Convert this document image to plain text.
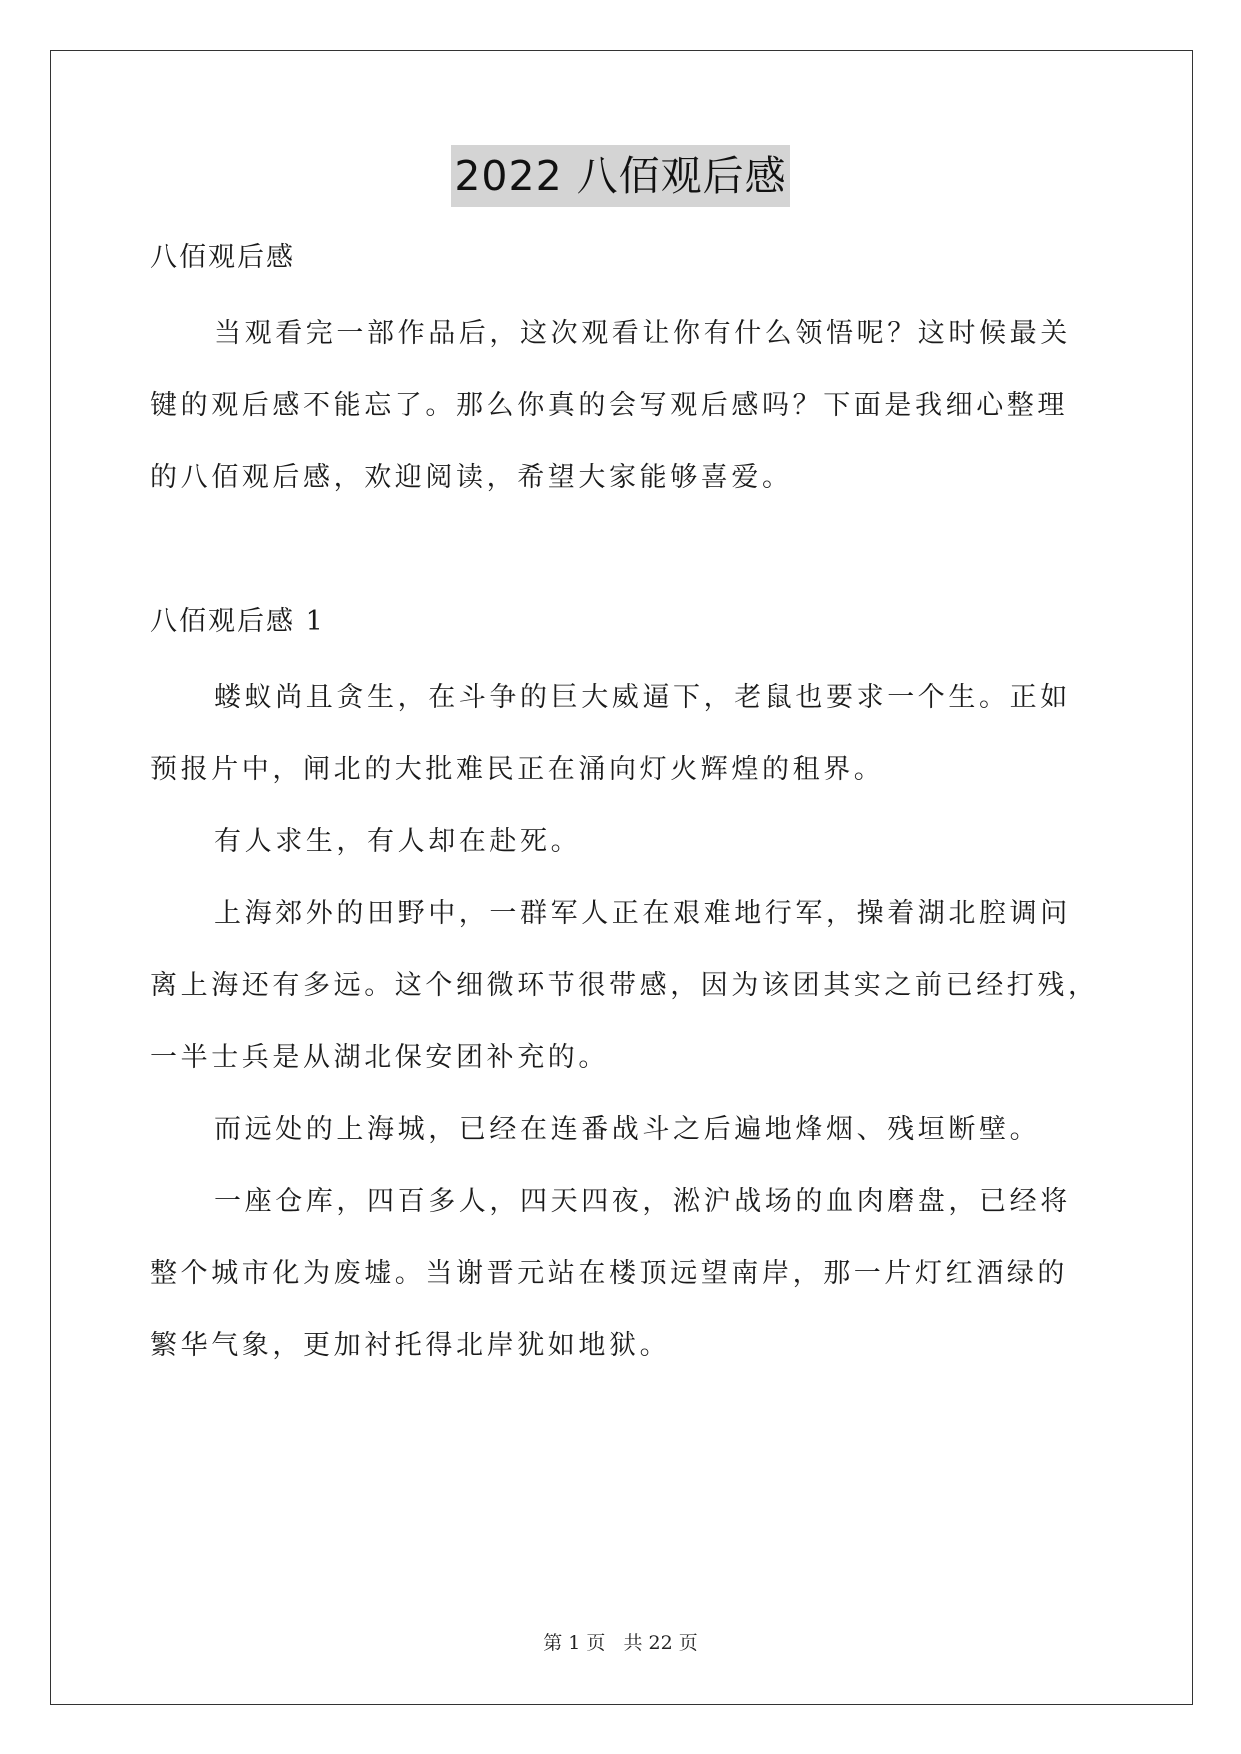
2022 八佰观后感
八佰观后感
当观看完一部作品后，这次观看让你有什么领悟呢？这时候最关
键的观后感不能忘了。那么你真的会写观后感吗？下面是我细心整理
的八佰观后感，欢迎阅读，希望大家能够喜爱。
八佰观后感 1
蝼蚁尚且贪生，在斗争的巨大威逼下，老鼠也要求一个生。正如
预报片中，闸北的大批难民正在涌向灯火辉煌的租界。
有人求生，有人却在赴死。
上海郊外的田野中，一群军人正在艰难地行军，操着湖北腔调问
离上海还有多远。这个细微环节很带感，因为该团其实之前已经打残，
一半士兵是从湖北保安团补充的。
而远处的上海城，已经在连番战斗之后遍地烽烟、残垣断壁。
一座仓库，四百多人，四天四夜，淞沪战场的血肉磨盘，已经将
整个城市化为废墟。当谢晋元站在楼顶远望南岸，那一片灯红酒绿的
繁华气象，更加衬托得北岸犹如地狱。
第 1 页 共 22 页
